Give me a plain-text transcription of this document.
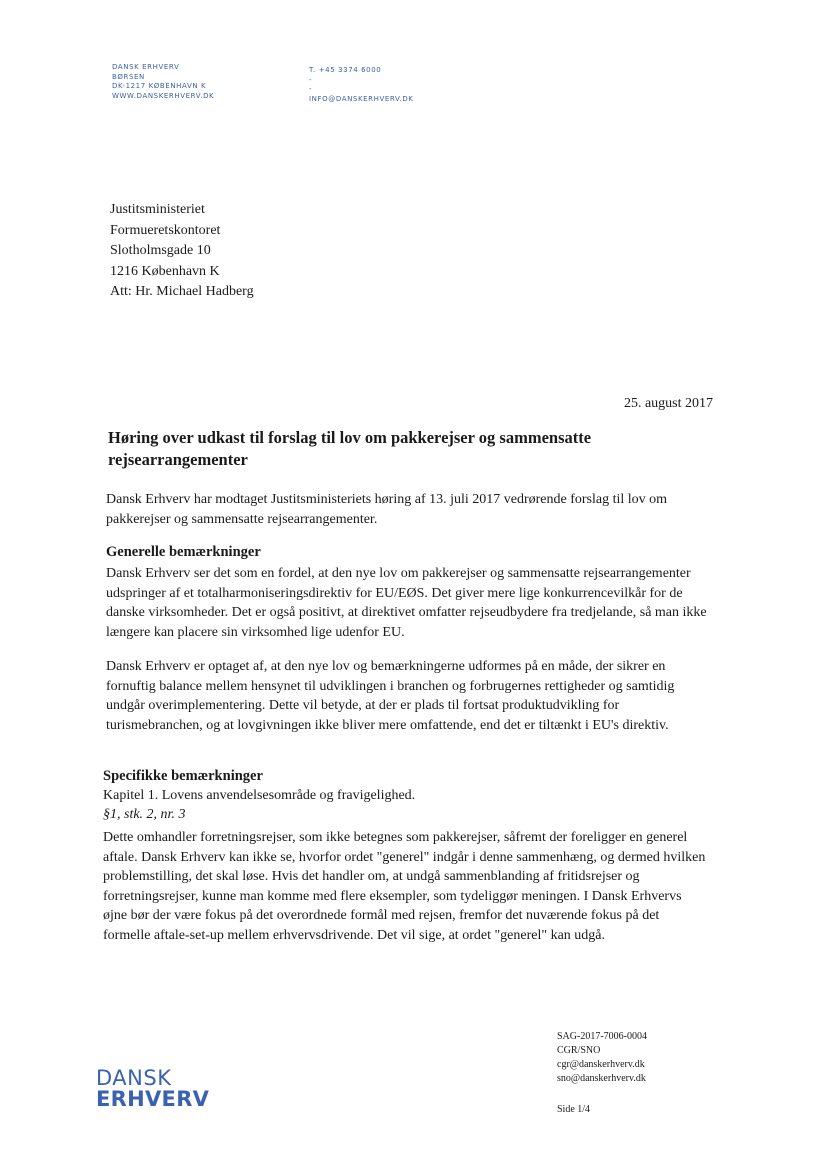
DANSK ERHVERV
BØRSEN
DK-1217 KØBENHAVN K
WWW.DANSKERHVERV.DK
T. +45 3374 6000
-
-
INFO@DANSKERHVERV.DK
Justitsministeriet
Formueretskontoret
Slotholmsgade 10
1216 København K
Att: Hr. Michael Hadberg
25. august 2017
Høring over udkast til forslag til lov om pakkerejser og sammensatte rejsearrangementer
Dansk Erhverv har modtaget Justitsministeriets høring af 13. juli 2017 vedrørende forslag til lov om pakkerejser og sammensatte rejsearrangementer.
Generelle bemærkninger
Dansk Erhverv ser det som en fordel, at den nye lov om pakkerejser og sammensatte rejsearrangementer udspringer af et totalharmoniseringsdirektiv for EU/EØS. Det giver mere lige konkurrencevilkår for de danske virksomheder. Det er også positivt, at direktivet omfatter rejseudbydere fra tredjelande, så man ikke længere kan placere sin virksomhed lige udenfor EU.
Dansk Erhverv er optaget af, at den nye lov og bemærkningerne udformes på en måde, der sikrer en fornuftig balance mellem hensynet til udviklingen i branchen og forbrugernes rettigheder og samtidig undgår overimplementering. Dette vil betyde, at der er plads til fortsat produktudvikling for turismebranchen, og at lovgivningen ikke bliver mere omfattende, end det er tiltænkt i EU's direktiv.
Specifikke bemærkninger
Kapitel 1. Lovens anvendelsesområde og fravigelighed.
§1, stk. 2, nr. 3
Dette omhandler forretningsrejser, som ikke betegnes som pakkerejser, såfremt der foreligger en generel aftale. Dansk Erhverv kan ikke se, hvorfor ordet "generel" indgår i denne sammenhæng, og dermed hvilken problemstilling, det skal løse. Hvis det handler om, at undgå sammenblanding af fritidsrejser og forretningsrejser, kunne man komme med flere eksempler, som tydeliggør meningen. I Dansk Erhvervs øjne bør der være fokus på det overordnede formål med rejsen, fremfor det nuværende fokus på det formelle aftale-set-up mellem erhvervsdrivende. Det vil sige, at ordet "generel" kan udgå.
SAG-2017-7006-0004
CGR/SNO
cgr@danskerhverv.dk
sno@danskerhverv.dk
DANSK
ERHVERV	Side 1/4
